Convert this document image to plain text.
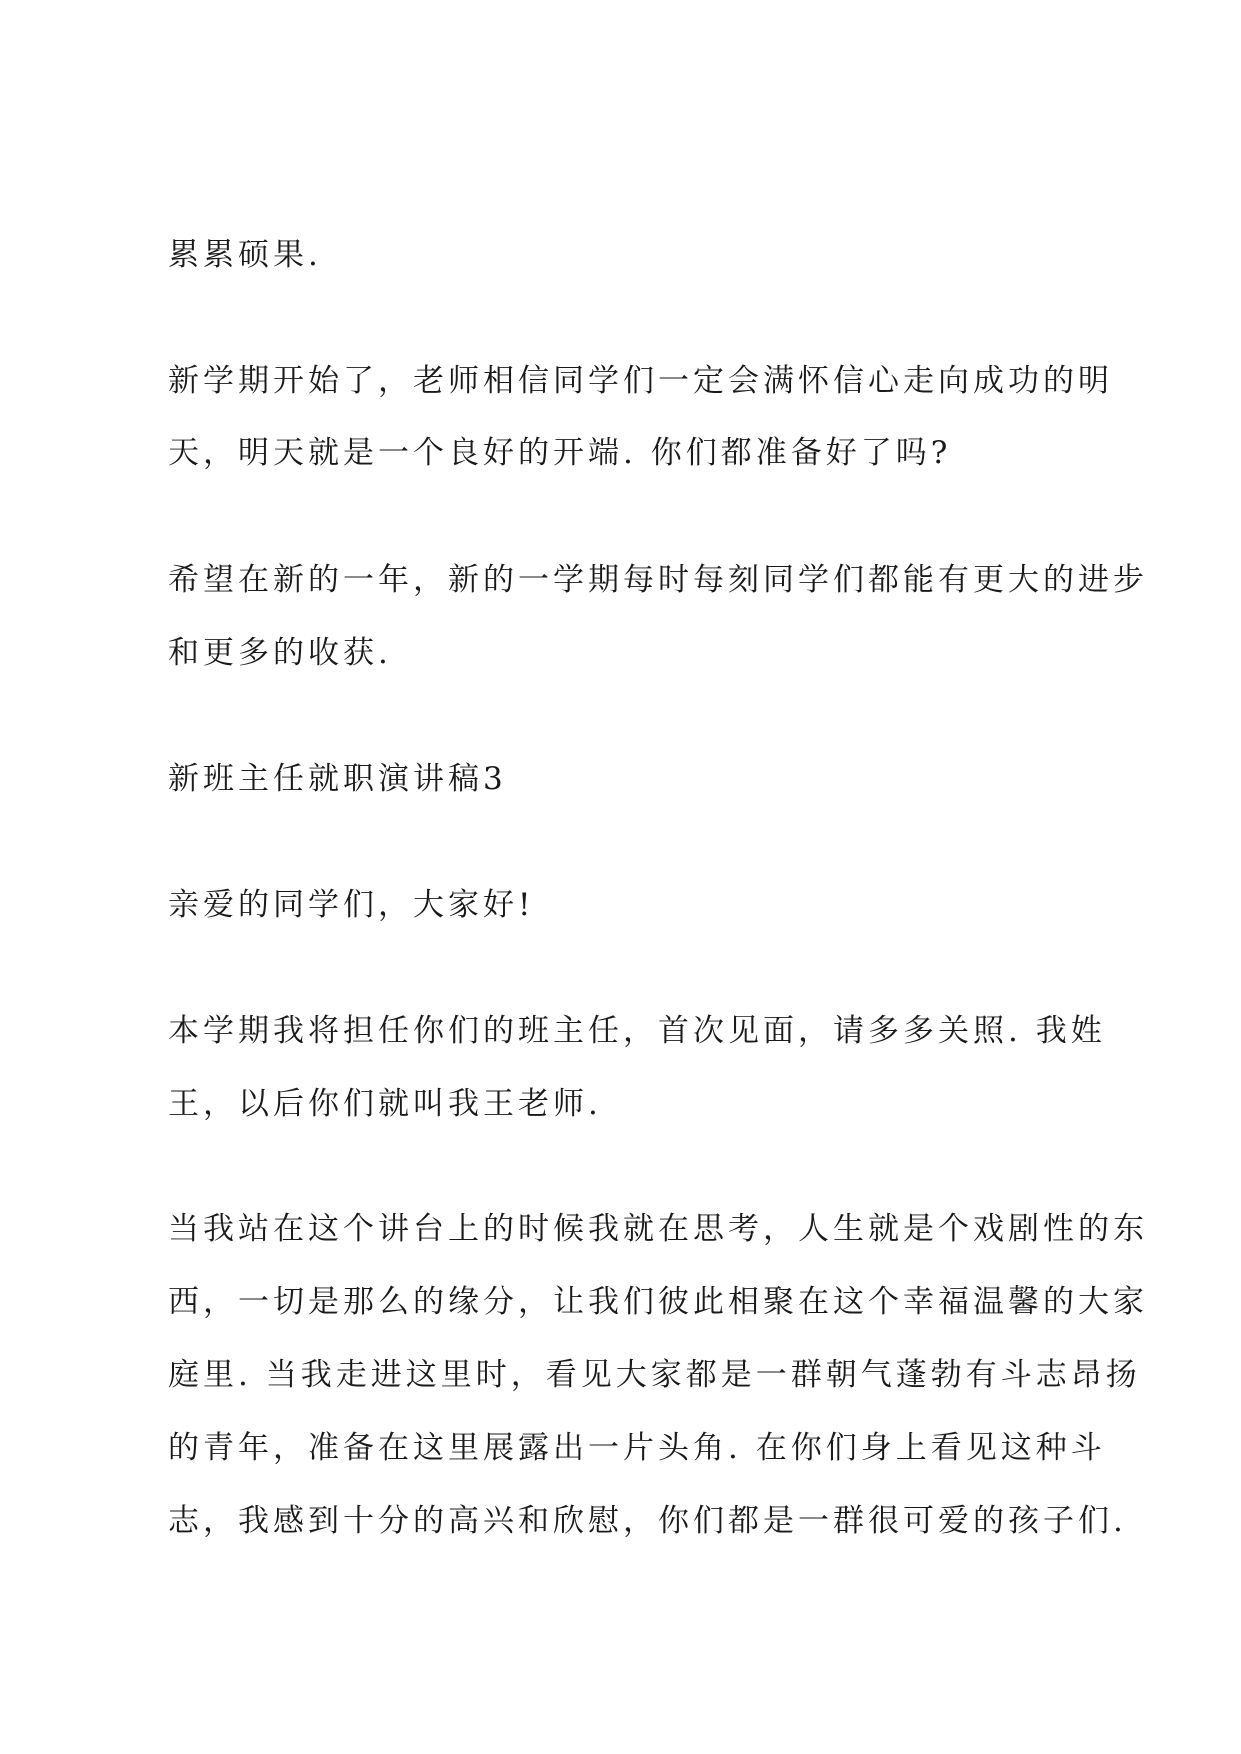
累累硕果.

新学期开始了，老师相信同学们一定会满怀信心走向成功的明

天，明天就是一个良好的开端. 你们都准备好了吗?

希望在新的一年，新的一学期每时每刻同学们都能有更大的进步

和更多的收获.

新班主任就职演讲稿3

亲爱的同学们，大家好!

本学期我将担任你们的班主任，首次见面，请多多关照. 我姓

王，以后你们就叫我王老师.

当我站在这个讲台上的时候我就在思考，人生就是个戏剧性的东

西，一切是那么的缘分，让我们彼此相聚在这个幸福温馨的大家

庭里. 当我走进这里时，看见大家都是一群朝气蓬勃有斗志昂扬

的青年，准备在这里展露出一片头角. 在你们身上看见这种斗

志，我感到十分的高兴和欣慰，你们都是一群很可爱的孩子们.
